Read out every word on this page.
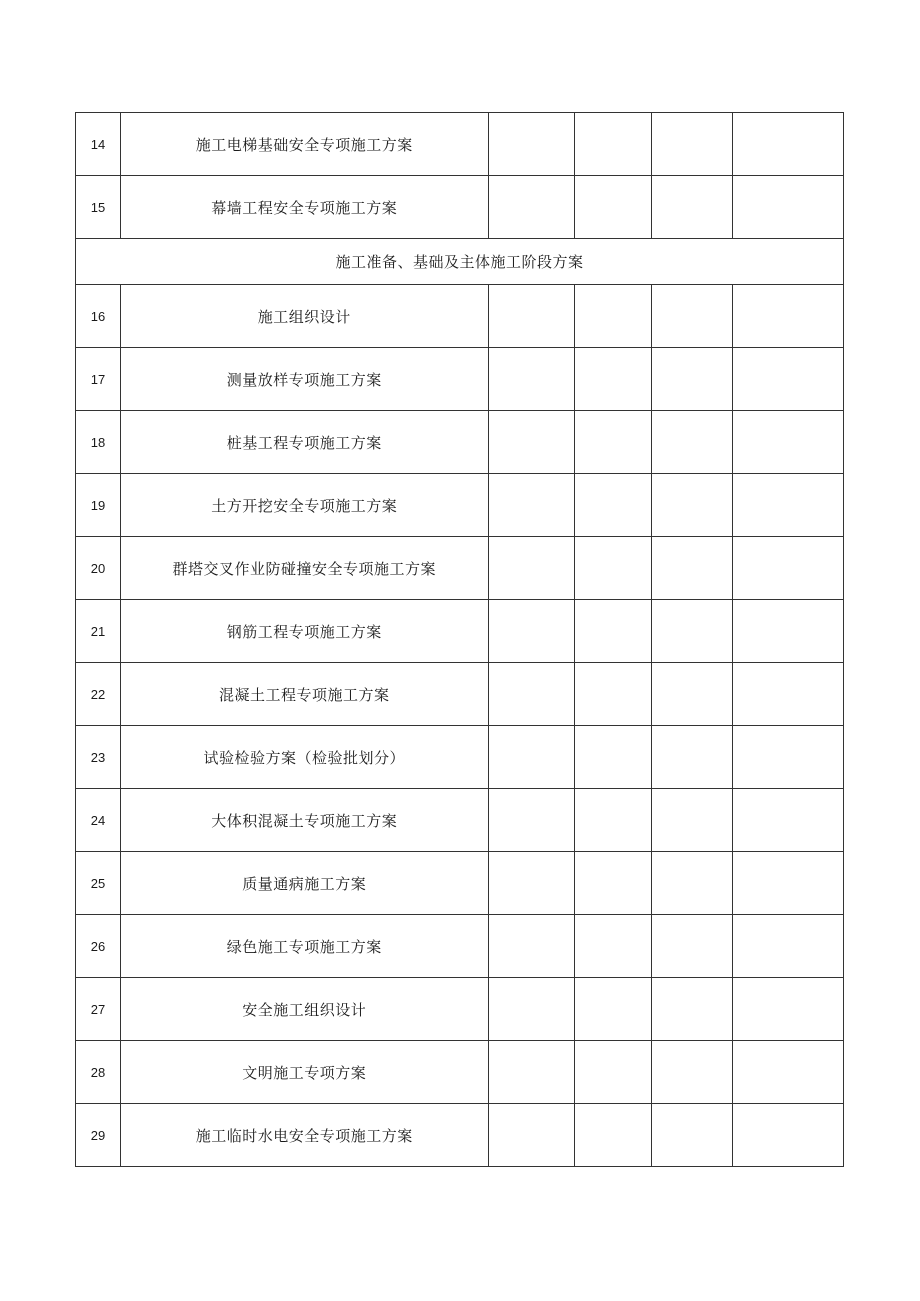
14	施工电梯基础安全专项施工方案				
15	幕墙工程安全专项施工方案				
施工准备、基础及主体施工阶段方案					
16	施工组织设计				
17	测量放样专项施工方案				
18	桩基工程专项施工方案				
19	土方开挖安全专项施工方案				
20	群塔交叉作业防碰撞安全专项施工方案				
21	钢筋工程专项施工方案				
22	混凝土工程专项施工方案				
23	试验检验方案（检验批划分）				
24	大体积混凝土专项施工方案				
25	质量通病施工方案				
26	绿色施工专项施工方案				
27	安全施工组织设计				
28	文明施工专项方案				
29	施工临时水电安全专项施工方案				
